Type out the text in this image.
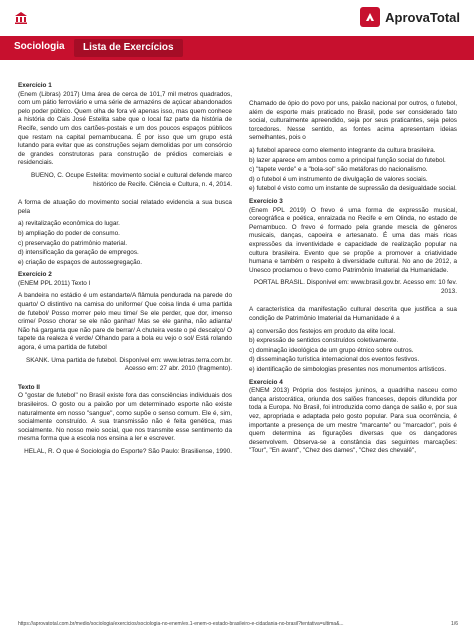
AprovaTotal
Sociologia	Lista de Exercícios

Exercício 1

(Enem (Libras) 2017) Uma área de cerca de 101,7 mil metros quadrados, com um pátio ferroviário e uma série de armazéns de açúcar abandonados pelo poder público. Quem olha de fora vê apenas isso, mas quem conhece a história do Cais José Estelita sabe que o local faz parte da história de Recife, sendo um dos cartões-postais e um dos poucos espaços públicos que restam na capital pernambucana. É por isso que um grupo está lutando para evitar que as construções sejam demolidas por um consórcio de grandes construtoras para construção de prédios comerciais e residenciais.

BUENO, C. Ocupe Estelita: movimento social e cultural defende marco histórico de Recife. Ciência e Cultura, n. 4, 2014.

A forma de atuação do movimento social relatado evidencia a sua busca pela

a) revitalização econômica do lugar.
b) ampliação do poder de consumo.
c) preservação do patrimônio material.
d) intensificação da geração de empregos.
e) criação de espaços de autossegregação.

Exercício 2

(ENEM PPL 2011) Texto I

A bandeira no estádio é um estandarte/A flâmula pendurada na parede do quarto/ O distintivo na camisa do uniforme/ Que coisa linda é uma partida de futebol/ Posso morrer pelo meu time/ Se ele perder, que dor, imenso crime/ Posso chorar se ele não ganhar/ Mas se ele ganha, não adianta/ Não há garganta que não pare de berrar/ A chuteira veste o pé descalço/ O tapete da realeza é verde/ Olhando para a bola eu vejo o sol/ Está rolando agora, é uma partida de futebol

SKANK. Uma partida de futebol. Disponível em: www.letras.terra.com.br. Acesso em: 27 abr. 2010 (fragmento).

Texto II

O "gostar de futebol" no Brasil existe fora das consciências individuais dos brasileiros. O gosto ou a paixão por um determinado esporte não existe naturalmente em nosso "sangue", como supõe o senso comum. Ele é, sim, socialmente construído. A sua transmissão não é feita genética, mas socialmente. No nosso meio social, que nos transmite esse sentimento da mesma forma que a escola nos ensina a ler e escrever.

HELAL, R. O que é Sociologia do Esporte? São Paulo: Brasiliense, 1990.

Chamado de ópio do povo por uns, paixão nacional por outros, o futebol, além de esporte mais praticado no Brasil, pode ser considerado fato social, culturalmente apreendido, seja por seus praticantes, seja pelos torcedores. Nesse sentido, as fontes acima apresentam ideias semelhantes, pois o

a) futebol aparece como elemento integrante da cultura brasileira.
b) lazer aparece em ambos como a principal função social do futebol.
c) "tapete verde" e a "bola-sol" são metáforas do nacionalismo.
d) o futebol é um instrumento de divulgação de valores sociais.
e) futebol é visto como um instante de supressão da desigualdade social.

Exercício 3

(Enem PPL 2019) O frevo é uma forma de expressão musical, coreográfica e poética, enraizada no Recife e em Olinda, no estado de Pernambuco. O frevo é formado pela grande mescla de gêneros musicais, danças, capoeira e artesanato. É uma das mais ricas expressões da inventividade e capacidade de realização popular na cultura brasileira. Evento que se propõe a promover a criatividade humana e também o respeito à diversidade cultural. No ano de 2012, a Unesco proclamou o frevo como Patrimônio Imaterial da Humanidade.

PORTAL BRASIL. Disponível em: www.brasil.gov.br. Acesso em: 10 fev. 2013.

A característica da manifestação cultural descrita que justifica a sua condição de Patrimônio Imaterial da Humanidade é a

a) conversão dos festejos em produto da elite local.
b) expressão de sentidos construídos coletivamente.
c) dominação ideológica de um grupo étnico sobre outros.
d) disseminação turística internacional dos eventos festivos.
e) identificação de simbologias presentes nos monumentos artísticos.

Exercício 4

(ENEM 2013) Própria dos festejos juninos, a quadrilha nasceu como dança aristocrática, oriunda dos salões franceses, depois difundida por toda a Europa. No Brasil, foi introduzida como dança de salão e, por sua vez, apropriada e adaptada pelo gosto popular. Para sua ocorrência, é importante a presença de um mestre "marcante" ou "marcador", pois é quem determina as figurações diversas que os dançadores desenvolvem. Observa-se a constância das seguintes marcações: "Tour", "En avant", "Chez des dames", "Chez des chevalê",

https://aprovatotal.com.br/medio/sociologia/exercicios/sociologia-no-enem/ex.1-enem-o-estado-brasileiro-e-cidadania-no-brasil?tentativa=ultima&...	1/6
